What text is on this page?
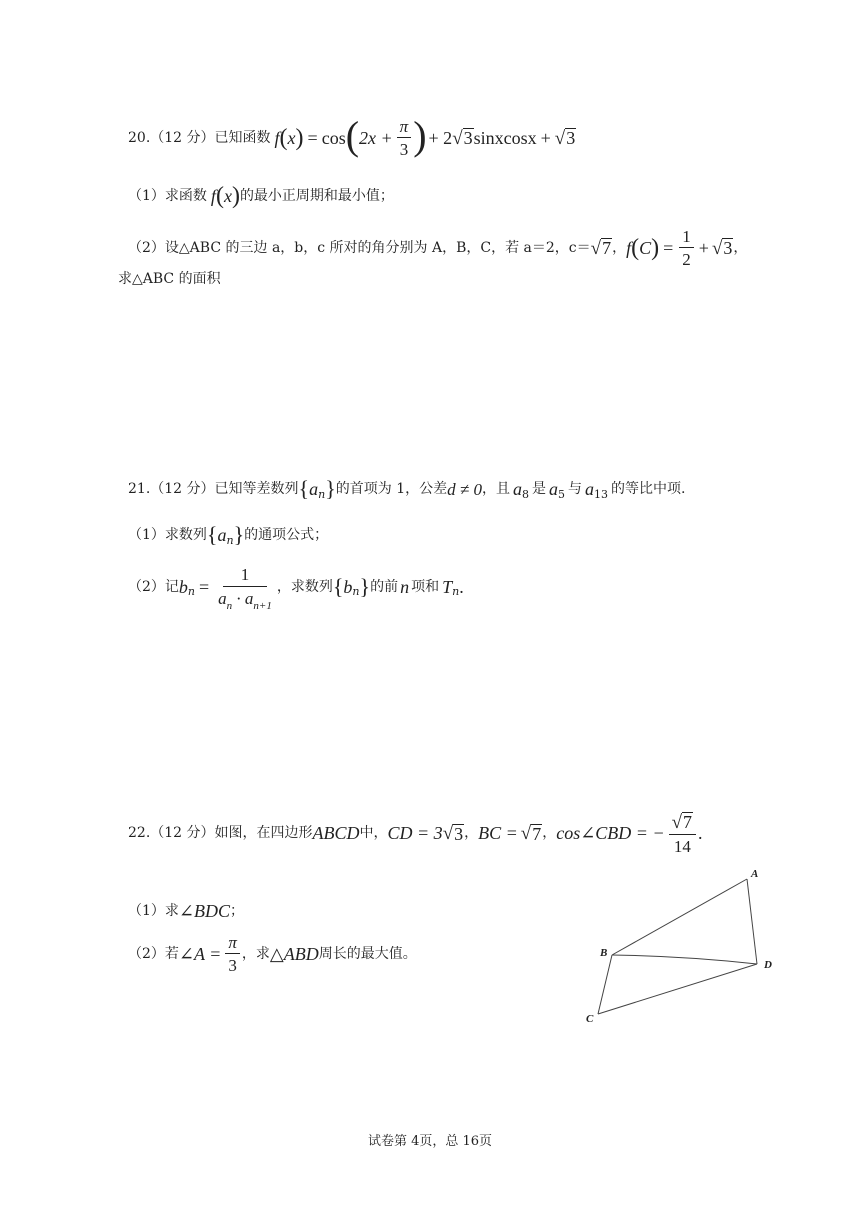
20.（12 分）已知函数 f ( x ) = cos ( $2x + \frac{\pi}{3}$ ) + 2 √ 3 sinxcosx + √ 3
（1）求函数 f ( x ) 的最小正周期和最小值；
（2）设△ABC 的三边 a，b，c 所对的角分别为 A，B，C，若 a＝2，c＝ √ 7 ， f ( C ) = $\frac{1}{2}$ + √ 3 ，
求△ABC 的面积
21.（12 分）已知等差数列 { a n } 的首项为 1，公差 d ≠ 0 ，且 a 8 是 a 5 与 a 13 的等比中项.
（1）求数列 { a n } 的通项公式；
（2）记 b $n = \frac{1}{a_n \cdot a_{n+1}}$ ，求数列 { b n } 的前 n 项和 T n .
22.（12 分）如图，在四边形 ABCD 中， CD = 3 √ 3 ， BC = √ 7 ， cos∠CBD = − $\frac{√ 7}{14}$ .
（1）求 ∠BDC ；
（2）若 ∠A = $\frac{\pi}{3}$ ，求 △ABD 周长的最大值。
A
B
C
D
试卷第 4页，总 16页
